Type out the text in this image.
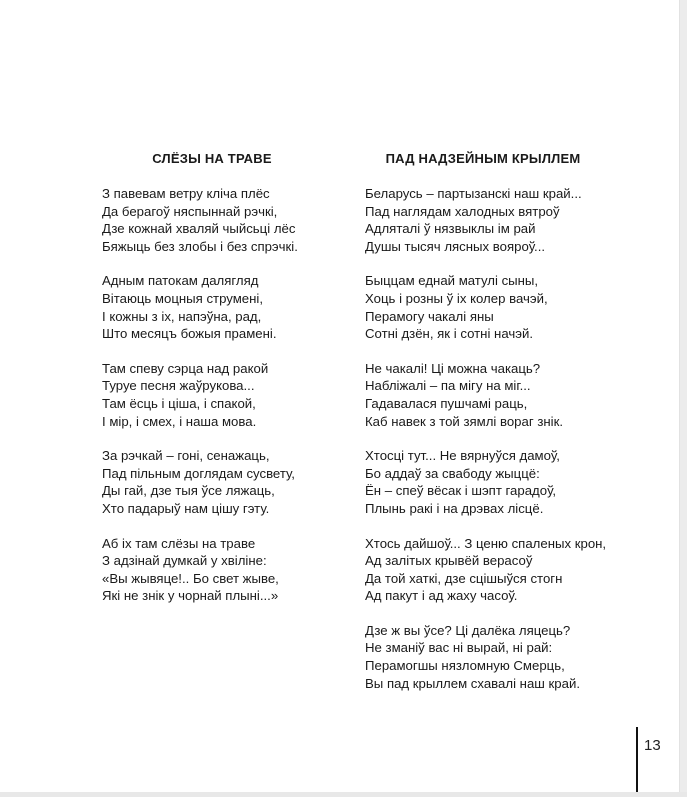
СЛЁЗЫ НА ТРАВЕ
З павевам ветру кліча плёс
Да берагоў няспыннай рэчкі,
Дзе кожнай хваляй чыйсьці лёс
Бяжыць без злобы і без спрэчкі.
Адным патокам далягляд
Вітаюць моцныя струмені,
І кожны з іх, напэўна, рад,
Што месяцъ божыя прамені.
Там спеву сэрца над ракой
Туруе песня жаўрукова...
Там ёсць і ціша, і спакой,
І мір, і смех, і наша мова.
За рэчкай – гоні, сенажаць,
Пад пільным доглядам сусвету,
Ды гай, дзе тыя ўсе ляжаць,
Хто падарыў нам цішу гэту.
Аб іх там слёзы на траве
З адзінай думкай у хвіліне:
«Вы жывяце!.. Бо свет жыве,
Які не знік у чорнай плыні...»
ПАД НАДЗЕЙНЫМ КРЫЛЛЕМ
Беларусь – партызанскі наш край...
Пад наглядам халодных вятроў
Адляталі ў нязвыклы ім рай
Душы тысяч лясных вояроў...
Быццам еднай матулі сыны,
Хоць і розны ў іх колер вачэй,
Перамогу чакалі яны
Сотні дзён, як і сотні начэй.
Не чакалі! Ці можна чакаць?
Набліжалі – па мігу на міг...
Гадавалася пушчамі раць,
Каб навек з той зямлі вораг знік.
Хтосці тут... Не вярнуўся дамоў,
Бо аддаў за свабоду жыццё:
Ён – спеў вёсак і шэпт гарадоў,
Плынь ракі і на дрэвах лісцё.
Хтось дайшоў... З ценю спаленых крон,
Ад залітых крывёй верасоў
Да той хаткі, дзе сцішыўся стогн
Ад пакут і ад жаху часоў.
Дзе ж вы ўсе? Ці далёка ляцець?
Не зманіў вас ні вырай, ні рай:
Перамогшы нязломную Смерць,
Вы пад крыллем схавалі наш край.
13
